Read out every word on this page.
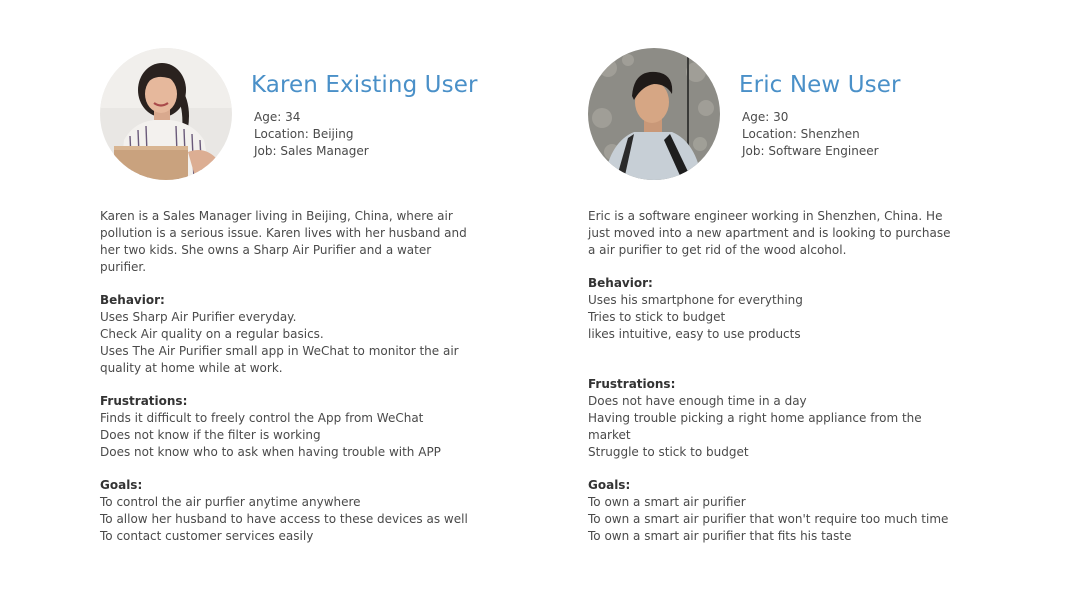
Karen Existing User
Age: 34
Location: Beijing
Job: Sales Manager
Karen is a Sales Manager living in Beijing, China, where air pollution is a serious issue. Karen lives with her husband and her two kids. She owns a Sharp Air Purifier and a water purifier.
Behavior:
Uses Sharp Air Purifier everyday.
Check Air quality on a regular basics.
Uses The Air Purifier small app in WeChat to monitor the air quality at home while at work.
Frustrations:
Finds it difficult to freely control the App from WeChat
Does not know if the filter is working
Does not know who to ask when having trouble with APP
Goals:
To control the air purfier anytime anywhere
To allow her husband to have access to these devices as well
To contact customer services easily
Eric New User
Age: 30
Location: Shenzhen
Job: Software Engineer
Eric is a software engineer working in Shenzhen, China. He just moved into a new apartment and is looking to purchase a air purifier to get rid of the wood alcohol.
Behavior:
Uses his smartphone for everything
Tries to stick to budget
likes intuitive, easy to use products
Frustrations:
Does not have enough time in a day
Having trouble picking a right home appliance from the market
Struggle to stick to budget
Goals:
To own a smart air purifier
To own a smart air purifier that won't require too much time
To own a smart air purifier that fits his taste
